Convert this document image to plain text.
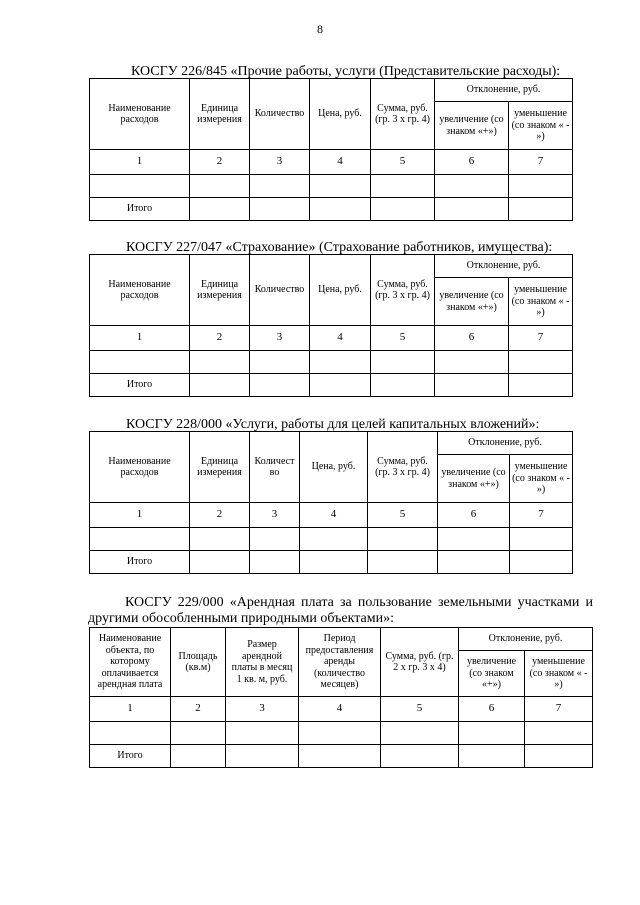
8
КОСГУ 226/845 «Прочие работы, услуги (Представительские расходы):
Наименование расходов	Единица измерения	Количество	Цена, руб.	Сумма, руб. (гр. 3 х гр. 4)	Отклонение, руб.	
					увеличение (со знаком «+»)	уменьшение (со знаком « - »)
1	2	3	4	5	6	7

Итого						
КОСГУ 227/047 «Страхование» (Страхование работников, имущества):
Наименование расходов	Единица измерения	Количество	Цена, руб.	Сумма, руб. (гр. 3 х гр. 4)	Отклонение, руб.	
					увеличение (со знаком «+»)	уменьшение (со знаком « - »)
1	2	3	4	5	6	7

Итого						
КОСГУ 228/000 «Услуги, работы для целей капитальных вложений»:
Наименование расходов	Единица измерения	Количест во	Цена, руб.	Сумма, руб. (гр. 3 х гр. 4)	Отклонение, руб.	
					увеличение (со знаком «+»)	уменьшение (со знаком « - »)
1	2	3	4	5	6	7

Итого						
КОСГУ 229/000 «Арендная плата за пользование земельными участками и другими обособленными природными объектами»:
Наименование объекта, по которому оплачивается арендная плата	Площадь (кв.м)	Размер арендной платы в месяц 1 кв. м, руб.	Период предоставления аренды (количество месяцев)	Сумма, руб. (гр. 2 х гр. 3 х 4)	Отклонение, руб.	
					увеличение (со знаком «+»)	уменьшение (со знаком « - »)
1	2	3	4	5	6	7

Итого						
